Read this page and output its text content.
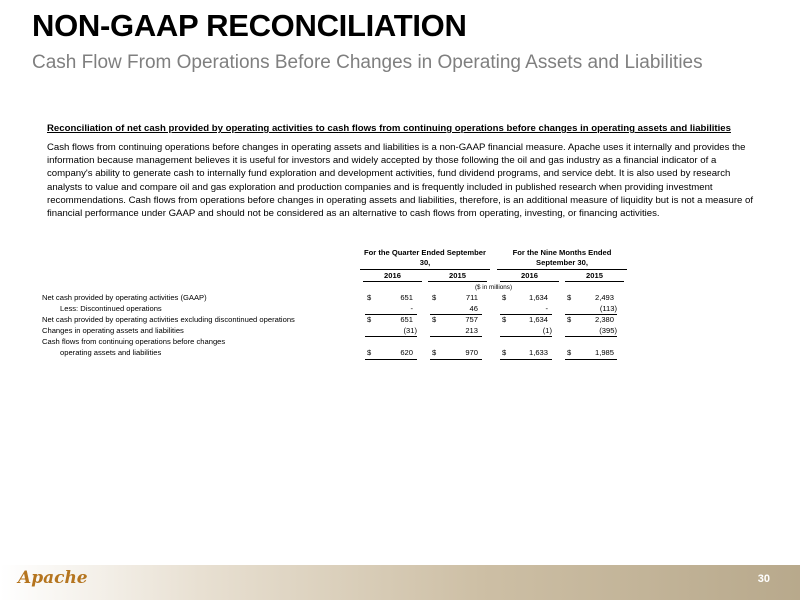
NON-GAAP RECONCILIATION
Cash Flow From Operations Before Changes in Operating Assets and Liabilities
Reconciliation of net cash provided by operating activities to cash flows from continuing operations before changes in operating assets and liabilities
Cash flows from continuing operations before changes in operating assets and liabilities is a non-GAAP financial measure. Apache uses it internally and provides the information because management believes it is useful for investors and widely accepted by those following the oil and gas industry as a financial indicator of a company's ability to generate cash to internally fund exploration and development activities, fund dividend programs, and service debt. It is also used by research analysts to value and compare oil and gas exploration and production companies and is frequently included in published research when providing investment recommendations. Cash flows from operations before changes in operating assets and liabilities, therefore, is an additional measure of liquidity but is not a measure of financial performance under GAAP and should not be considered as an alternative to cash flows from operating, investing, or financing activities.
For the Quarter Ended September 30,
For the Nine Months Ended September 30,
2016	2015	2016	2015
($ in millions)
Net cash provided by operating activities (GAAP)	$	651	$	711	$	1,634	$	2,493
Less: Discontinued operations	-	46	-	(113)
Net cash provided by operating activities excluding discontinued operations	$	651	$	757	$	1,634	$	2,380
Changes in operating assets and liabilities	(31)	213	(1)	(395)
Cash flows from continuing operations before changes
operating assets and liabilities	$	620	$	970	$	1,633	$	1,985
Apache	30
